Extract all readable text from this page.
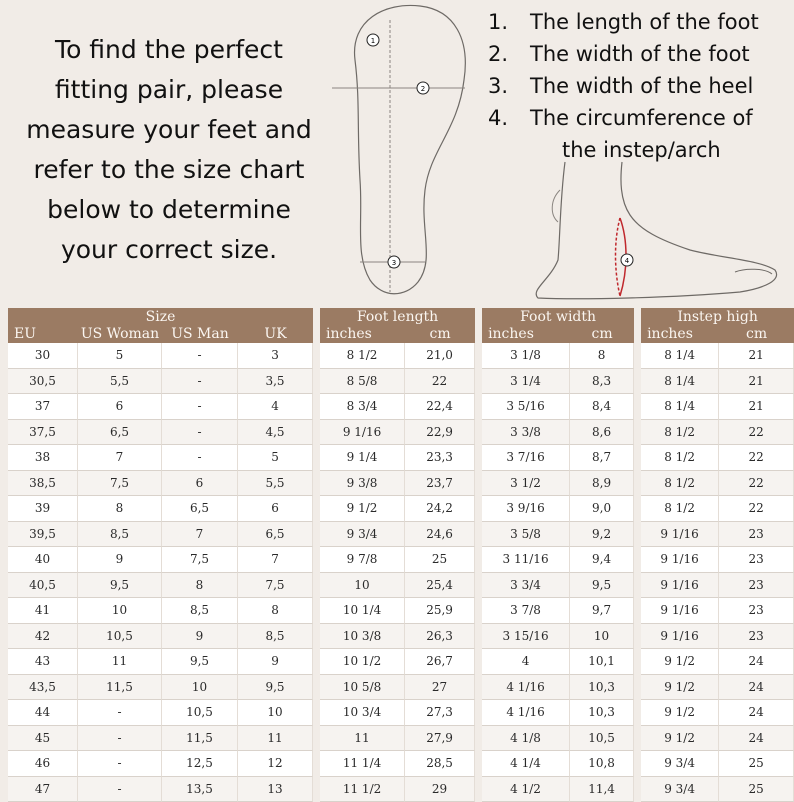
To find the perfect
fitting pair, please
measure your feet and
refer to the size chart
below to determine
your correct size.
1
2
3	4
1. The length of the foot
2. The width of the foot
3. The width of the heel
4. The circumference of
the instep/arch
Size					Foot length			Foot width			Instep high	
EU	US Woman	US Man	UK		inches	cm		inches	cm		inches	cm
30	5	-	3		8 1/2	21,0		3 1/8	8		8 1/4	21
30,5	5,5	-	3,5		8 5/8	22		3 1/4	8,3		8 1/4	21
37	6	-	4		8 3/4	22,4		3 5/16	8,4		8 1/4	21
37,5	6,5	-	4,5		9 1/16	22,9		3 3/8	8,6		8 1/2	22
38	7	-	5		9 1/4	23,3		3 7/16	8,7		8 1/2	22
38,5	7,5	6	5,5		9 3/8	23,7		3 1/2	8,9		8 1/2	22
39	8	6,5	6		9 1/2	24,2		3 9/16	9,0		8 1/2	22
39,5	8,5	7	6,5		9 3/4	24,6		3 5/8	9,2		9 1/16	23
40	9	7,5	7		9 7/8	25		3 11/16	9,4		9 1/16	23
40,5	9,5	8	7,5		10	25,4		3 3/4	9,5		9 1/16	23
41	10	8,5	8		10 1/4	25,9		3 7/8	9,7		9 1/16	23
42	10,5	9	8,5		10 3/8	26,3		3 15/16	10		9 1/16	23
43	11	9,5	9		10 1/2	26,7		4	10,1		9 1/2	24
43,5	11,5	10	9,5		10 5/8	27		4 1/16	10,3		9 1/2	24
44	-	10,5	10		10 3/4	27,3		4 1/16	10,3		9 1/2	24
45	-	11,5	11		11	27,9		4 1/8	10,5		9 1/2	24
46	-	12,5	12		11 1/4	28,5		4 1/4	10,8		9 3/4	25
47	-	13,5	13		11 1/2	29		4 1/2	11,4		9 3/4	25
